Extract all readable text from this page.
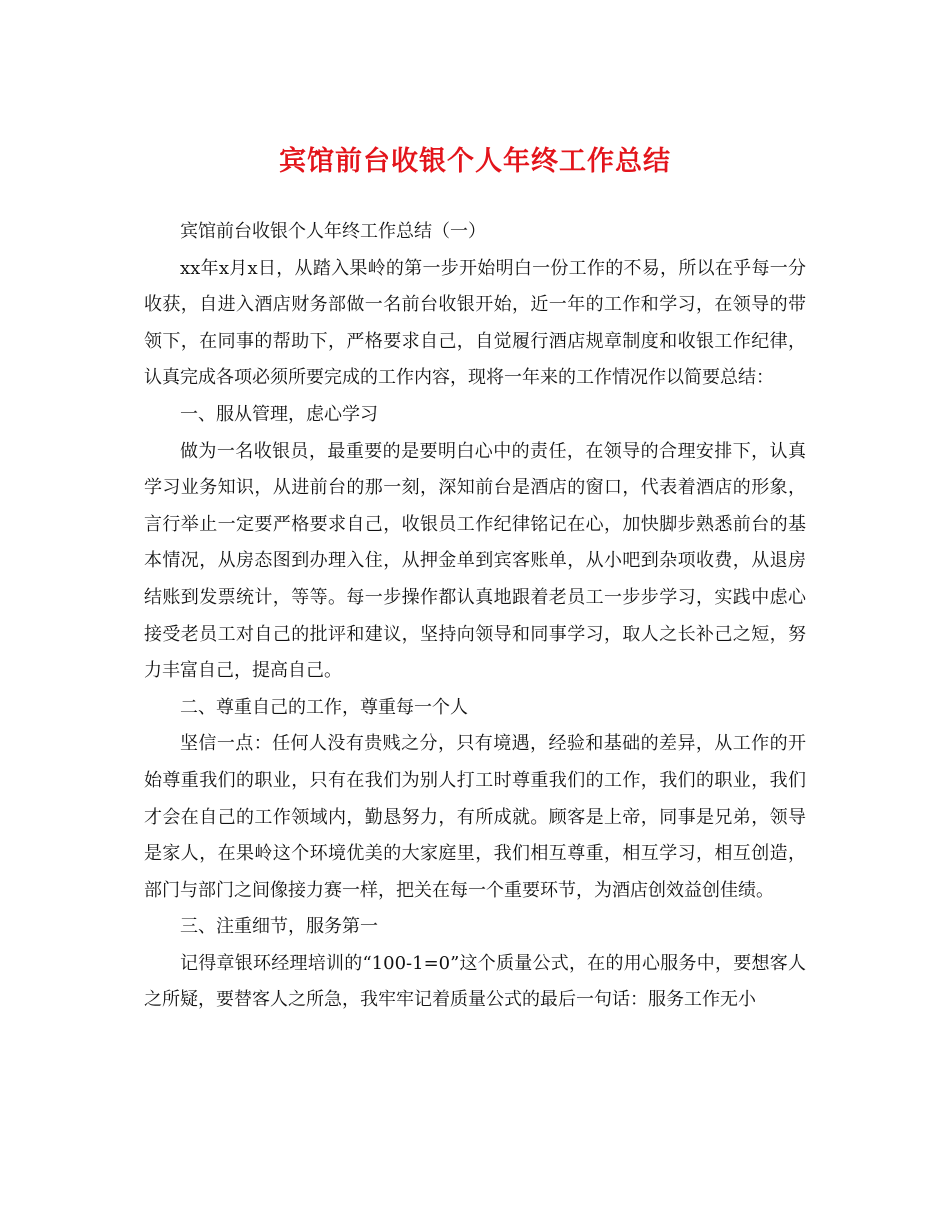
宾馆前台收银个人年终工作总结

宾馆前台收银个人年终工作总结（一）

xx年x月x日，从踏入果岭的第一步开始明白一份工作的不易，所以在乎每一分收获，自进入酒店财务部做一名前台收银开始，近一年的工作和学习，在领导的带领下，在同事的帮助下，严格要求自己，自觉履行酒店规章制度和收银工作纪律，认真完成各项必须所要完成的工作内容，现将一年来的工作情况作以简要总结：

一、服从管理，虑心学习

做为一名收银员，最重要的是要明白心中的责任，在领导的合理安排下，认真学习业务知识，从进前台的那一刻，深知前台是酒店的窗口，代表着酒店的形象，言行举止一定要严格要求自己，收银员工作纪律铭记在心，加快脚步熟悉前台的基本情况，从房态图到办理入住，从押金单到宾客账单，从小吧到杂项收费，从退房结账到发票统计，等等。每一步操作都认真地跟着老员工一步步学习，实践中虑心接受老员工对自己的批评和建议，坚持向领导和同事学习，取人之长补己之短，努力丰富自己，提高自己。

二、尊重自己的工作，尊重每一个人

坚信一点：任何人没有贵贱之分，只有境遇，经验和基础的差异，从工作的开始尊重我们的职业，只有在我们为别人打工时尊重我们的工作，我们的职业，我们才会在自己的工作领域内，勤恳努力，有所成就。顾客是上帝，同事是兄弟，领导是家人，在果岭这个环境优美的大家庭里，我们相互尊重，相互学习，相互创造，部门与部门之间像接力赛一样，把关在每一个重要环节，为酒店创效益创佳绩。

三、注重细节，服务第一

记得章银环经理培训的“100-1=0”这个质量公式，在的用心服务中，要想客人之所疑，要替客人之所急，我牢牢记着质量公式的最后一句话：服务工作无小
